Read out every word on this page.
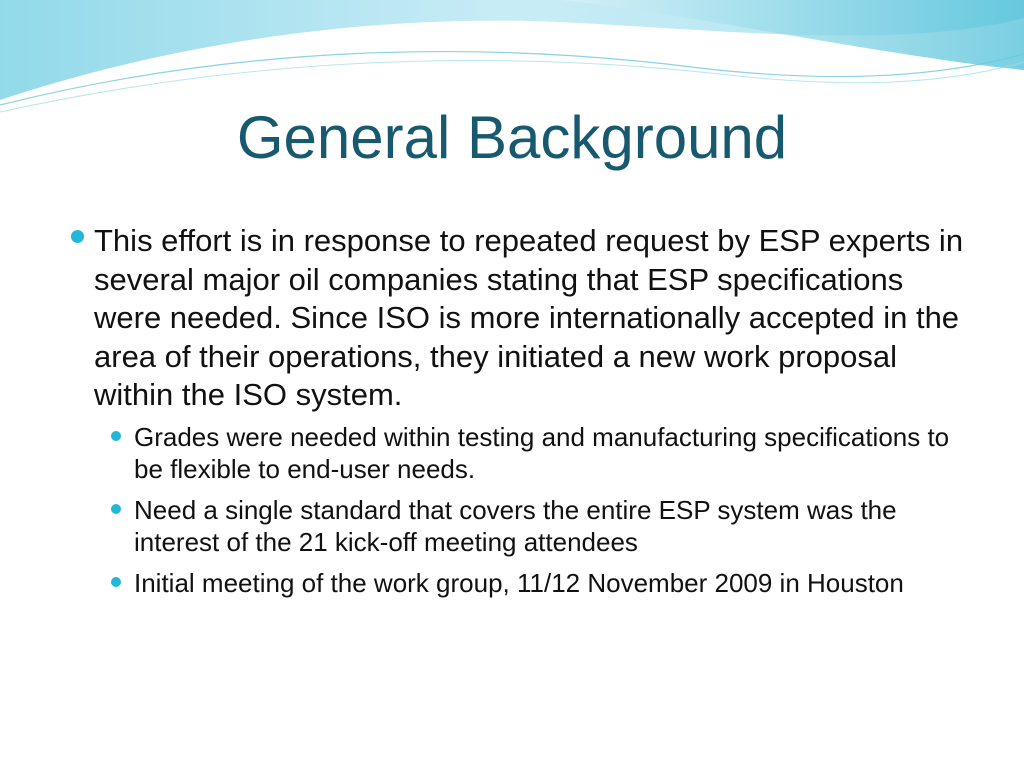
General Background
This effort is in response to repeated request by ESP experts in several major oil companies stating that ESP specifications were needed. Since ISO is more internationally accepted in the area of their operations, they initiated a new work proposal within the ISO system.
Grades were needed within testing and manufacturing specifications to be flexible to end-user needs.
Need a single standard that covers the entire ESP system was the interest of the 21 kick-off meeting attendees
Initial meeting of the work group, 11/12 November 2009 in Houston
